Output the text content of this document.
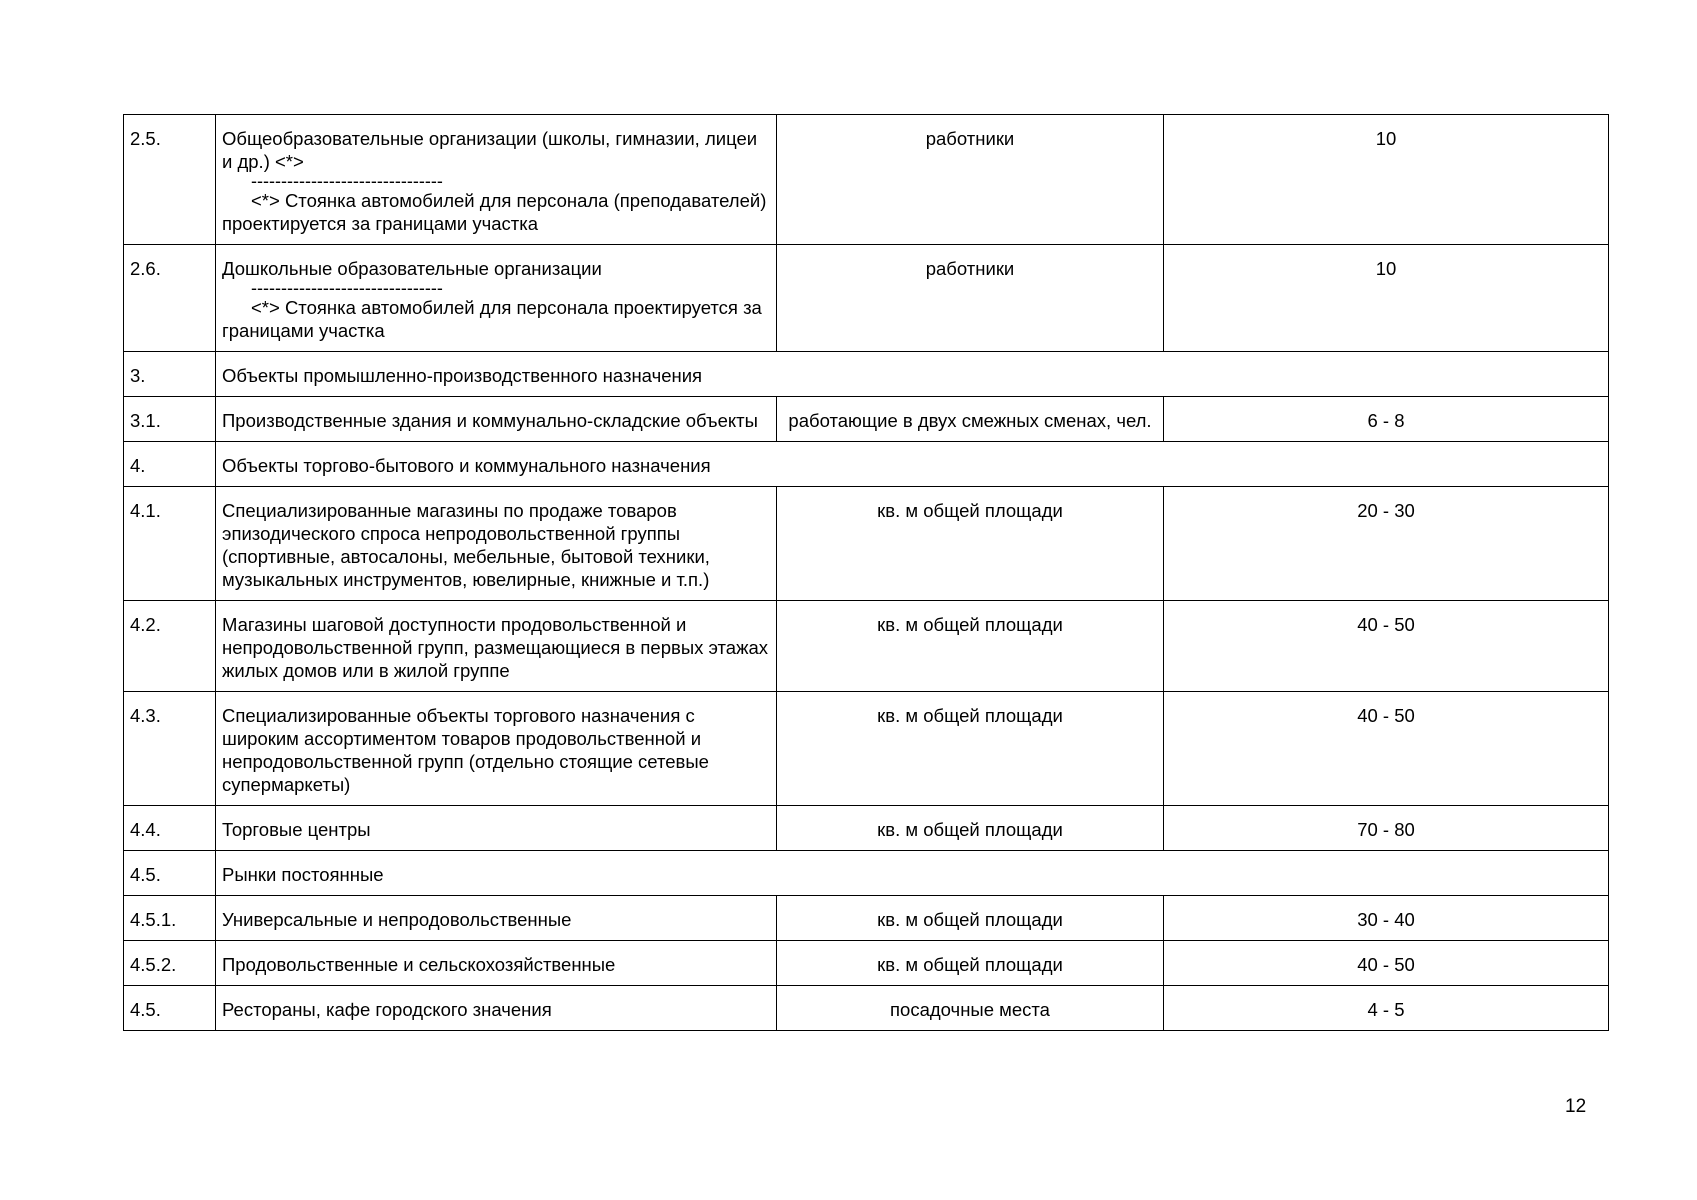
2.5.	Общеобразовательные организации (школы, гимназии, лицеи и др.) <*>
--------------------------------
<*> Стоянка автомобилей для персонала (преподавателей) проектируется за границами участка	работники	10
2.6.	Дошкольные образовательные организации
--------------------------------
<*> Стоянка автомобилей для персонала проектируется за границами участка	работники	10
3.	Объекты промышленно-производственного назначения		
3.1.	Производственные здания и коммунально-складские объекты	работающие в двух смежных сменах, чел.	6 - 8
4.	Объекты торгово-бытового и коммунального назначения		
4.1.	Специализированные магазины по продаже товаров эпизодического спроса непродовольственной группы (спортивные, автосалоны, мебельные, бытовой техники, музыкальных инструментов, ювелирные, книжные и т.п.)	кв. м общей площади	20 - 30
4.2.	Магазины шаговой доступности продовольственной и непродовольственной групп, размещающиеся в первых этажах жилых домов или в жилой группе	кв. м общей площади	40 - 50
4.3.	Специализированные объекты торгового назначения с широким ассортиментом товаров продовольственной и непродовольственной групп (отдельно стоящие сетевые супермаркеты)	кв. м общей площади	40 - 50
4.4.	Торговые центры	кв. м общей площади	70 - 80
4.5.	Рынки постоянные		
4.5.1.	Универсальные и непродовольственные	кв. м общей площади	30 - 40
4.5.2.	Продовольственные и сельскохозяйственные	кв. м общей площади	40 - 50
4.5.	Рестораны, кафе городского значения	посадочные места	4 - 5
12
